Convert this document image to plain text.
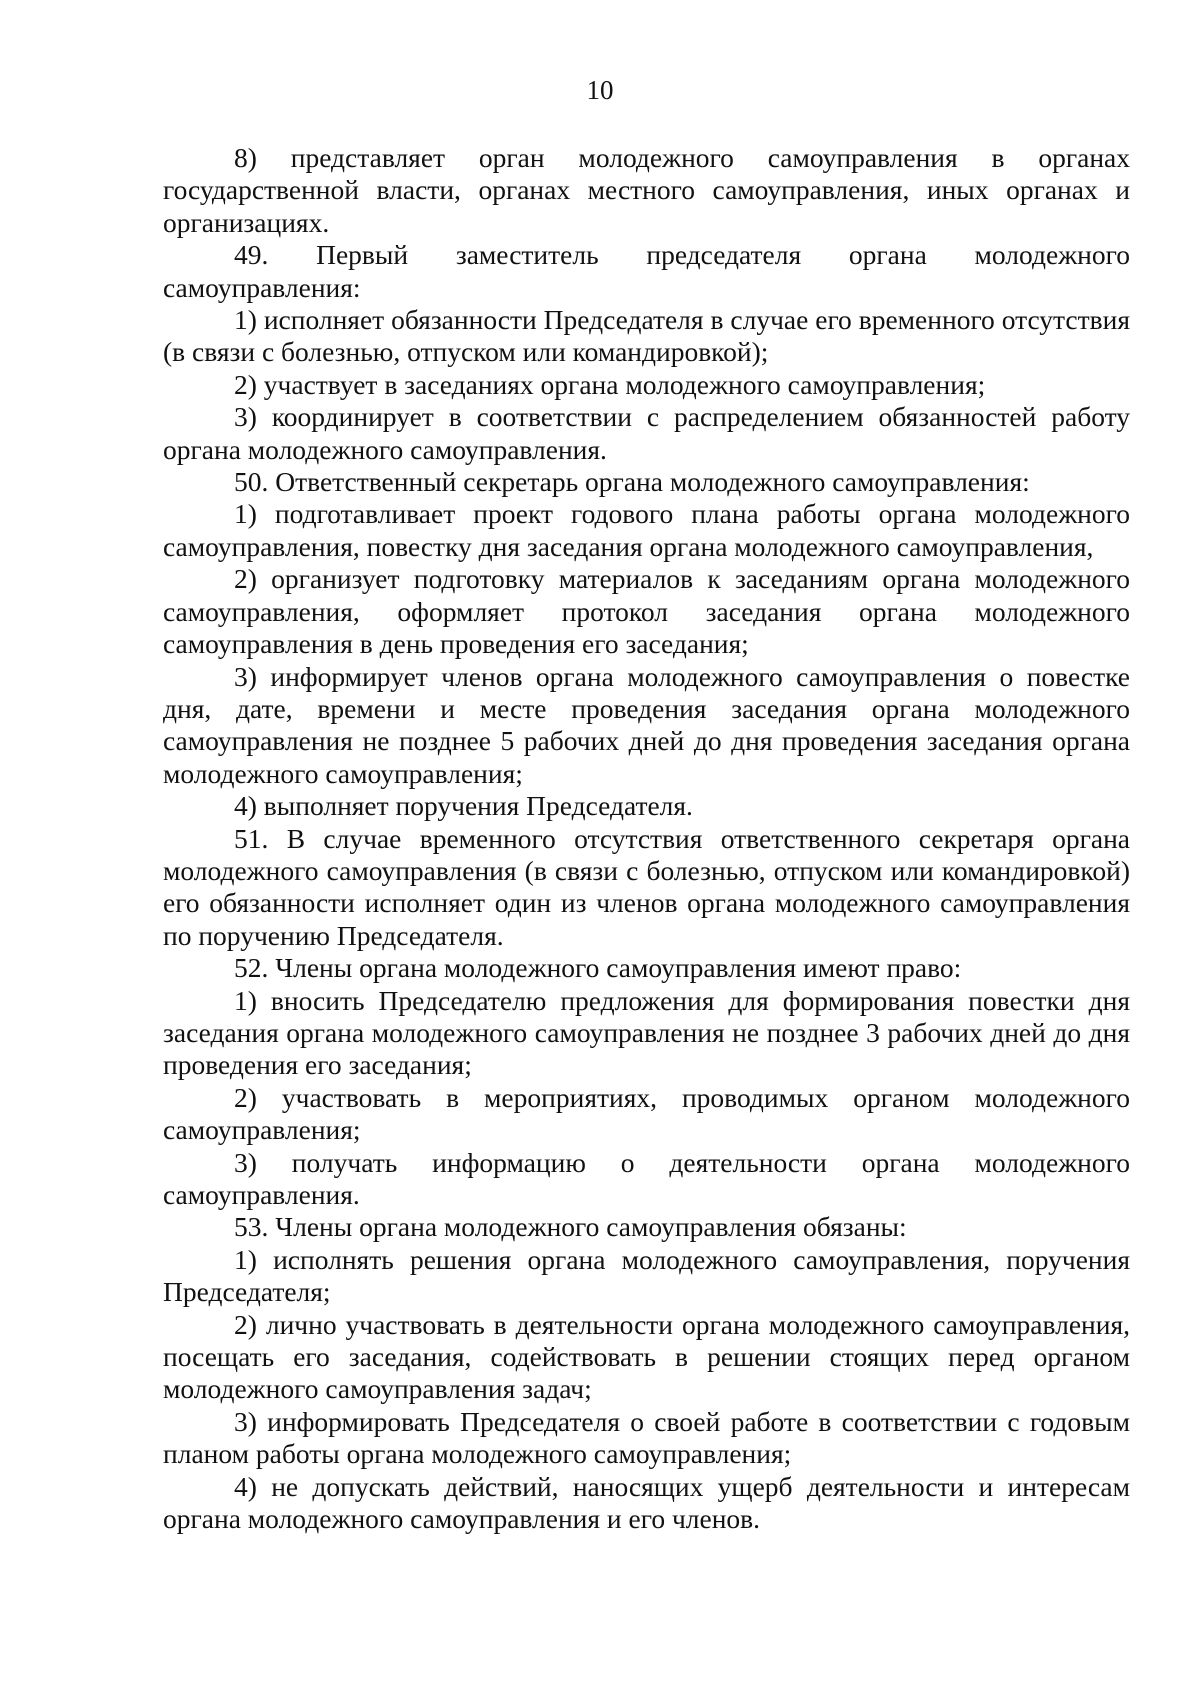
10

8) представляет орган молодежного самоуправления в органах государственной власти, органах местного самоуправления, иных органах и организациях.

49. Первый заместитель председателя органа молодежного самоуправления:

1) исполняет обязанности Председателя в случае его временного отсутствия (в связи с болезнью, отпуском или командировкой);

2) участвует в заседаниях органа молодежного самоуправления;

3) координирует в соответствии с распределением обязанностей работу органа молодежного самоуправления.

50. Ответственный секретарь органа молодежного самоуправления:

1) подготавливает проект годового плана работы органа молодежного самоуправления, повестку дня заседания органа молодежного самоуправления,

2) организует подготовку материалов к заседаниям органа молодежного самоуправления, оформляет протокол заседания органа молодежного самоуправления в день проведения его заседания;

3) информирует членов органа молодежного самоуправления о повестке дня, дате, времени и месте проведения заседания органа молодежного самоуправления не позднее 5 рабочих дней до дня проведения заседания органа молодежного самоуправления;

4) выполняет поручения Председателя.

51. В случае временного отсутствия ответственного секретаря органа молодежного самоуправления (в связи с болезнью, отпуском или командировкой) его обязанности исполняет один из членов органа молодежного самоуправления по поручению Председателя.

52. Члены органа молодежного самоуправления имеют право:

1) вносить Председателю предложения для формирования повестки дня заседания органа молодежного самоуправления не позднее 3 рабочих дней до дня проведения его заседания;

2) участвовать в мероприятиях, проводимых органом молодежного самоуправления;

3) получать информацию о деятельности органа молодежного самоуправления.

53. Члены органа молодежного самоуправления обязаны:

1) исполнять решения органа молодежного самоуправления, поручения Председателя;

2) лично участвовать в деятельности органа молодежного самоуправления, посещать его заседания, содействовать в решении стоящих перед органом молодежного самоуправления задач;

3) информировать Председателя о своей работе в соответствии с годовым планом работы органа молодежного самоуправления;

4) не допускать действий, наносящих ущерб деятельности и интересам органа молодежного самоуправления и его членов.
